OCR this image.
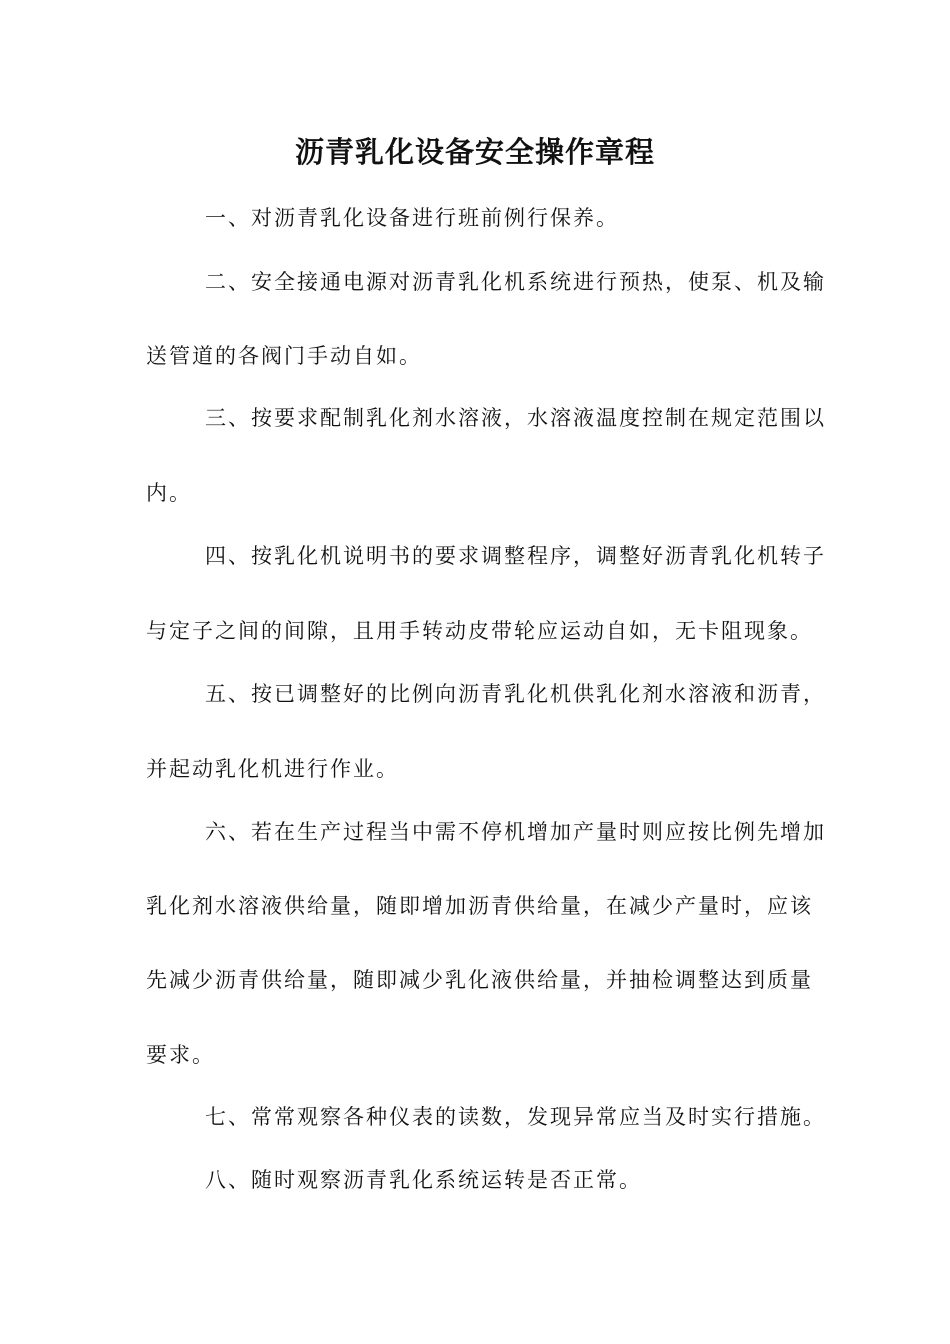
沥青乳化设备安全操作章程

一、对沥青乳化设备进行班前例行保养。

二、安全接通电源对沥青乳化机系统进行预热，使泵、机及输

送管道的各阀门手动自如。

三、按要求配制乳化剂水溶液，水溶液温度控制在规定范围以

内。

四、按乳化机说明书的要求调整程序，调整好沥青乳化机转子

与定子之间的间隙，且用手转动皮带轮应运动自如，无卡阻现象。

五、按已调整好的比例向沥青乳化机供乳化剂水溶液和沥青，

并起动乳化机进行作业。

六、若在生产过程当中需不停机增加产量时则应按比例先增加

乳化剂水溶液供给量，随即增加沥青供给量，在减少产量时，应该

先减少沥青供给量，随即减少乳化液供给量，并抽检调整达到质量

要求。

七、常常观察各种仪表的读数，发现异常应当及时实行措施。

八、随时观察沥青乳化系统运转是否正常。
